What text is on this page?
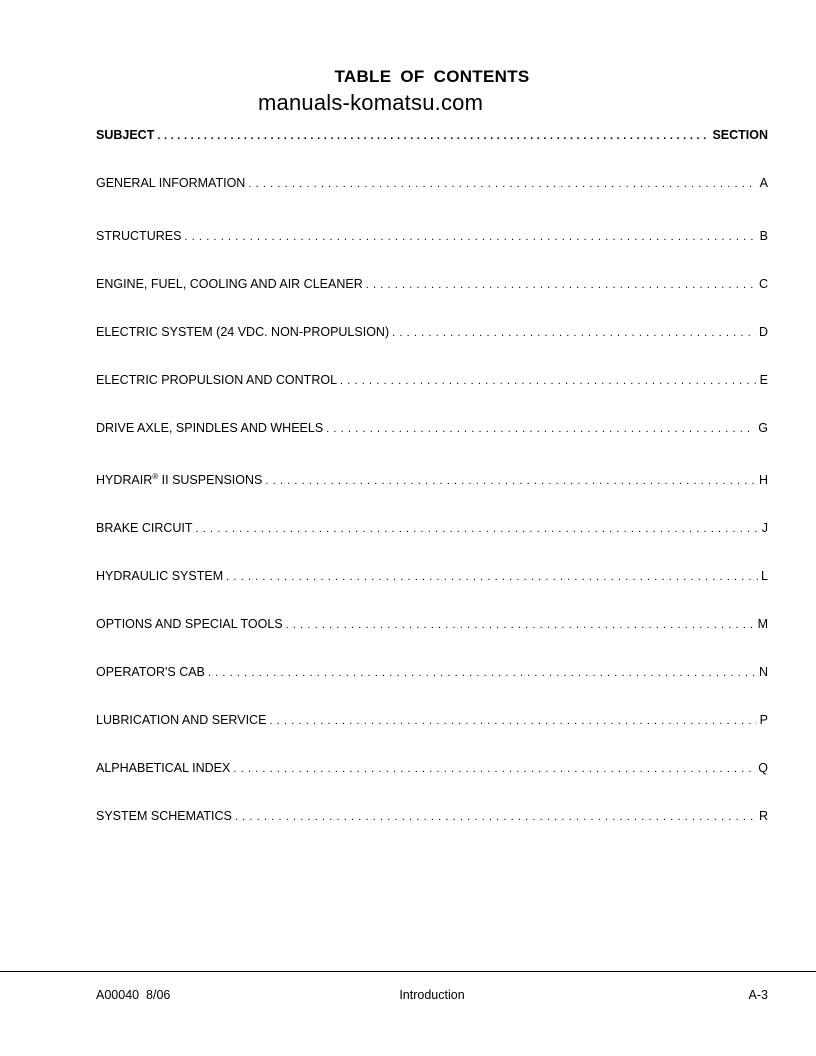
TABLE OF CONTENTS
manuals-komatsu.com
SUBJECT .....	SECTION
GENERAL INFORMATION .....	A
STRUCTURES .....	B
ENGINE, FUEL, COOLING AND AIR CLEANER .....	C
ELECTRIC SYSTEM (24 VDC. NON-PROPULSION) .....	D
ELECTRIC PROPULSION AND CONTROL .....	E
DRIVE AXLE, SPINDLES AND WHEELS .....	G
HYDRAIR® II SUSPENSIONS .....	H
BRAKE CIRCUIT .....	J
HYDRAULIC SYSTEM .....	L
OPTIONS AND SPECIAL TOOLS .....	M
OPERATOR'S CAB .....	N
LUBRICATION AND SERVICE .....	P
ALPHABETICAL INDEX .....	Q
SYSTEM SCHEMATICS .....	R
A00040  8/06	Introduction	A-3
